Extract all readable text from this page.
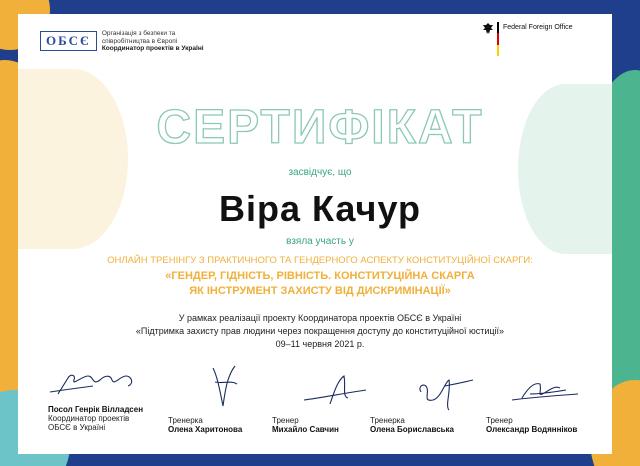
ОБСЄ	Організація з безпеки та
співробітництва в Європі
Координатор проектів в Україні
Federal Foreign Office
СЕРТИФІКАТ
засвідчує, що
Віра Качур
взяла участь у
ОНЛАЙН ТРЕНІНГУ З ПРАКТИЧНОГО ТА ГЕНДЕРНОГО АСПЕКТУ КОНСТИТУЦІЙНОЇ СКАРГИ:
«ГЕНДЕР, ГІДНІСТЬ, РІВНІСТЬ. КОНСТИТУЦІЙНА СКАРГА
ЯК ІНСТРУМЕНТ ЗАХИСТУ ВІД ДИСКРИМІНАЦІЇ»
У рамках реалізації проекту Координатора проектів ОБСЄ в Україні
«Підтримка захисту прав людини через покращення доступу до конституційної юстиції»
09–11 червня 2021 р.
Посол Генрік Вілладсен
Координатор проектів
ОБСЄ в Україні
Тренерка
Олена Харитонова
Тренер
Михайло Савчин
Тренерка
Олена Бориславська
Тренер
Олександр Водянніков
